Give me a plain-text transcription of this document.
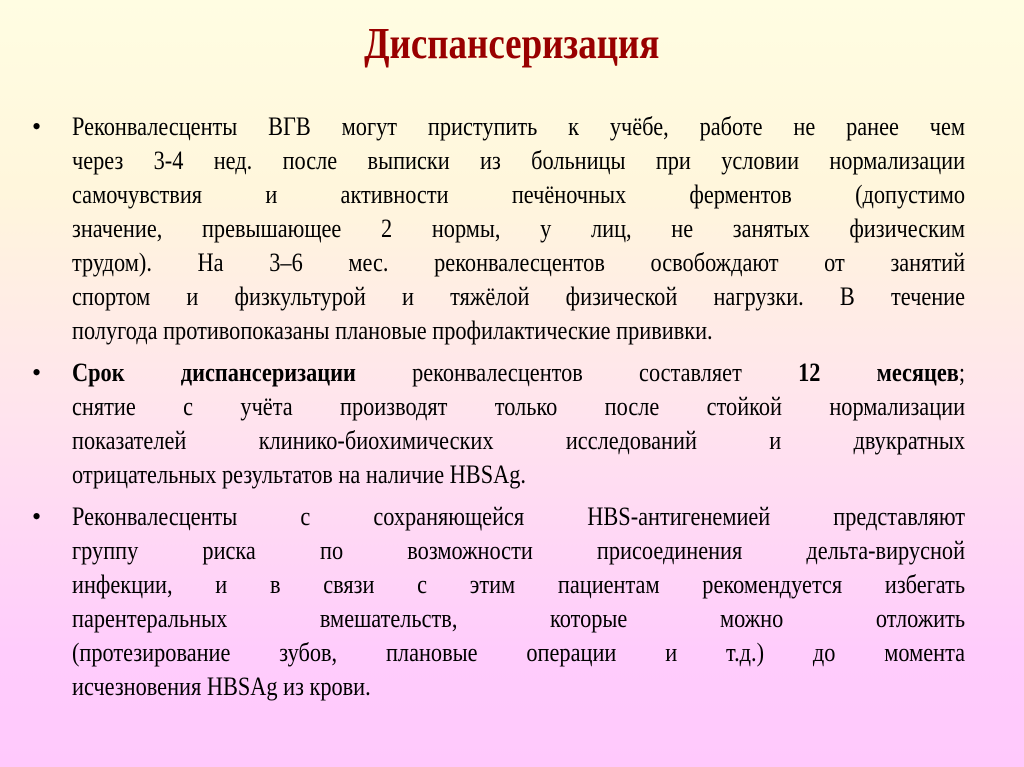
Диспансеризация
• Реконвалесценты ВГВ могут приступить к учёбе, работе не ранее чем
через 3-4 нед. после выписки из больницы при условии нормализации
самочувствия и активности печёночных ферментов (допустимо
значение, превышающее 2 нормы, у лиц, не занятых физическим
трудом). На 3–6 мес. реконвалесцентов освобождают от занятий
спортом и физкультурой и тяжёлой физической нагрузки. В течение
полугода противопоказаны плановые профилактические прививки.
• Срок диспансеризации реконвалесцентов составляет 12 месяцев;
снятие с учёта производят только после стойкой нормализации
показателей клинико-биохимических исследований и двукратных
отрицательных результатов на наличие HBSAg.
• Реконвалесценты с сохраняющейся HBS-антигенемией представляют
группу риска по возможности присоединения дельта-вирусной
инфекции, и в связи с этим пациентам рекомендуется избегать
парентеральных вмешательств, которые можно отложить
(протезирование зубов, плановые операции и т.д.) до момента
исчезновения HBSAg из крови.
